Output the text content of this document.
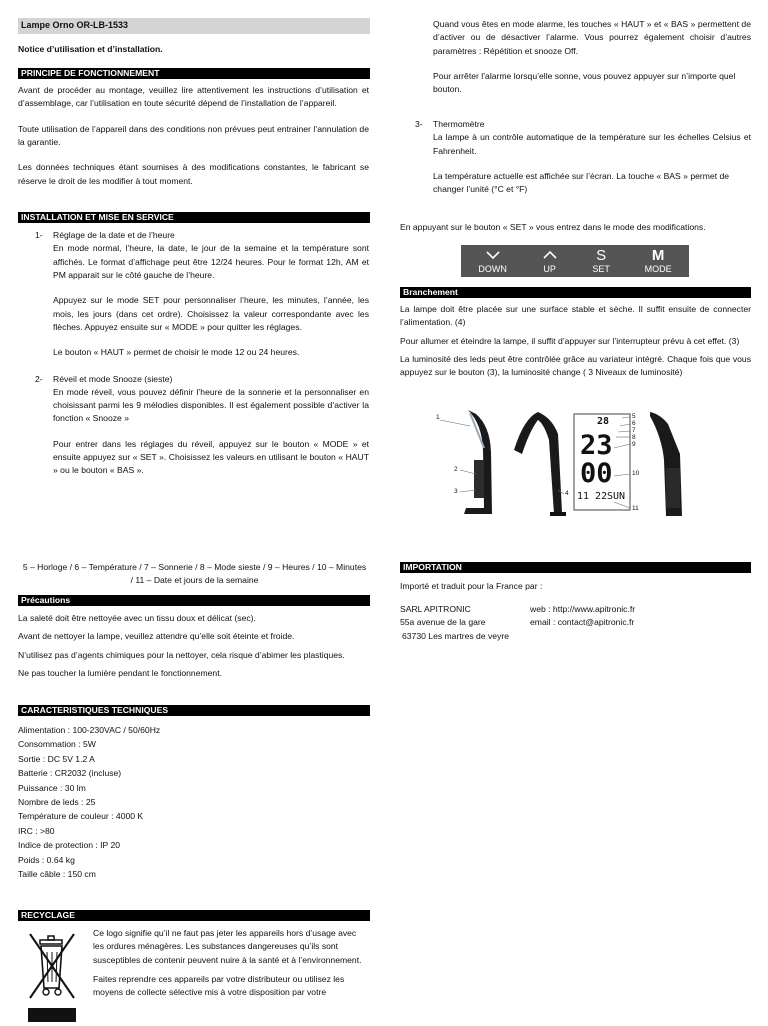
Lampe Orno OR-LB-1533
Notice d’utilisation et d’installation.
PRINCIPE DE FONCTIONNEMENT

Avant de procéder au montage, veuillez lire attentivement les instructions d’utilisation et d’assemblage, car l’utilisation en toute sécurité dépend de l’installation de l’appareil.

Toute utilisation de l’appareil dans des conditions non prévues peut entrainer l’annulation de la garantie.

Les données techniques étant soumises à des modifications constantes, le fabricant se réserve le droit de les modifier à tout moment.

INSTALLATION ET MISE EN SERVICE
1- Réglage de la date et de l’heure

En mode normal, l’heure, la date, le jour de la semaine et la température sont affichés. Le format d’affichage peut être 12/24 heures. Pour le format 12h, AM et PM apparait sur le côté gauche de l’heure.

Appuyez sur le mode SET pour personnaliser l’heure, les minutes, l’année, les mois, les jours (dans cet ordre). Choisissez la valeur correspondante avec les flèches. Appuyez ensuite sur « MODE » pour quitter les réglages.

Le bouton « HAUT » permet de choisir le mode 12 ou 24 heures.

2- Réveil et mode Snooze (sieste)

En mode réveil, vous pouvez définir l’heure de la sonnerie et la personnaliser en choisissant parmi les 9 mélodies disponibles. Il est également possible d’activer la fonction « Snooze »

Pour entrer dans les réglages du réveil, appuyez sur le bouton « MODE » et ensuite appuyez sur « SET ». Choisissez les valeurs en utilisant le bouton « HAUT » ou le bouton « BAS ».

Quand vous êtes en mode alarme, les touches « HAUT » et « BAS » permettent de d’activer ou de désactiver l’alarme. Vous pourrez également choisir d’autres paramètres : Répétition et snooze Off.

Pour arrêter l’alarme lorsqu’elle sonne, vous pouvez appuyer sur n’importe quel bouton.

3- Thermomètre

La lampe à un contrôle automatique de la température sur les échelles Celsius et Fahrenheit.

La température actuelle est affichée sur l’écran. La touche « BAS » permet de changer l’unité (°C et °F)

En appuyant sur le bouton « SET » vous entrez dans le mode des modifications.

DOWN	UP
S
SET
M
MODE
Branchement

La lampe doit être placée sur une surface stable et sèche. Il suffit ensuite de connecter l’alimentation. (4)

Pour allumer et éteindre la lampe, il suffit d’appuyer sur l’interrupteur prévu à cet effet. (3)

La luminosité des leds peut être contrôlée grâce au variateur intégré. Chaque fois que vous appuyez sur le bouton (3), la luminosité change ( 3 Niveaux de luminosité)

28
23
00
11 22 SUN
1
2
3	4
5
6
7
8
9
10
11

5 – Horloge / 6 – Température / 7 – Sonnerie / 8 – Mode sieste / 9 – Heures / 10 – Minutes / 11 – Date et jours de la semaine

Précautions

La saleté doit être nettoyée avec un tissu doux et délicat (sec).

Avant de nettoyer la lampe, veuillez attendre qu’elle soit éteinte et froide.

N’utilisez pas d’agents chimiques pour la nettoyer, cela risque d’abimer les plastiques.

Ne pas toucher la lumière pendant le fonctionnement.

CARACTERISTIQUES TECHNIQUES

Alimentation : 100-230VAC / 50/60Hz

Consommation : 5W

Sortie : DC 5V 1.2 A

Batterie : CR2032 (incluse)

Puissance : 30 lm

Nombre de leds : 25

Température de couleur : 4000 K

IRC : >80

Indice de protection : IP 20

Poids : 0.64 kg

Taille câble : 150 cm

RECYCLAGE

Ce logo signifie qu’il ne faut pas jeter les appareils hors d’usage avec les ordures ménagères. Les substances dangereuses qu’ils sont susceptibles de contenir peuvent nuire à la santé et à l’environnement.

Faites reprendre ces appareils par votre distributeur ou utilisez les moyens de collecte sélective mis à votre disposition par votre

IMPORTATION

Importé et traduit pour la France par :

SARL APITRONIC

55a avenue de la gare

63730 Les martres de veyre

web : http://www.apitronic.fr

email : contact@apitronic.fr
